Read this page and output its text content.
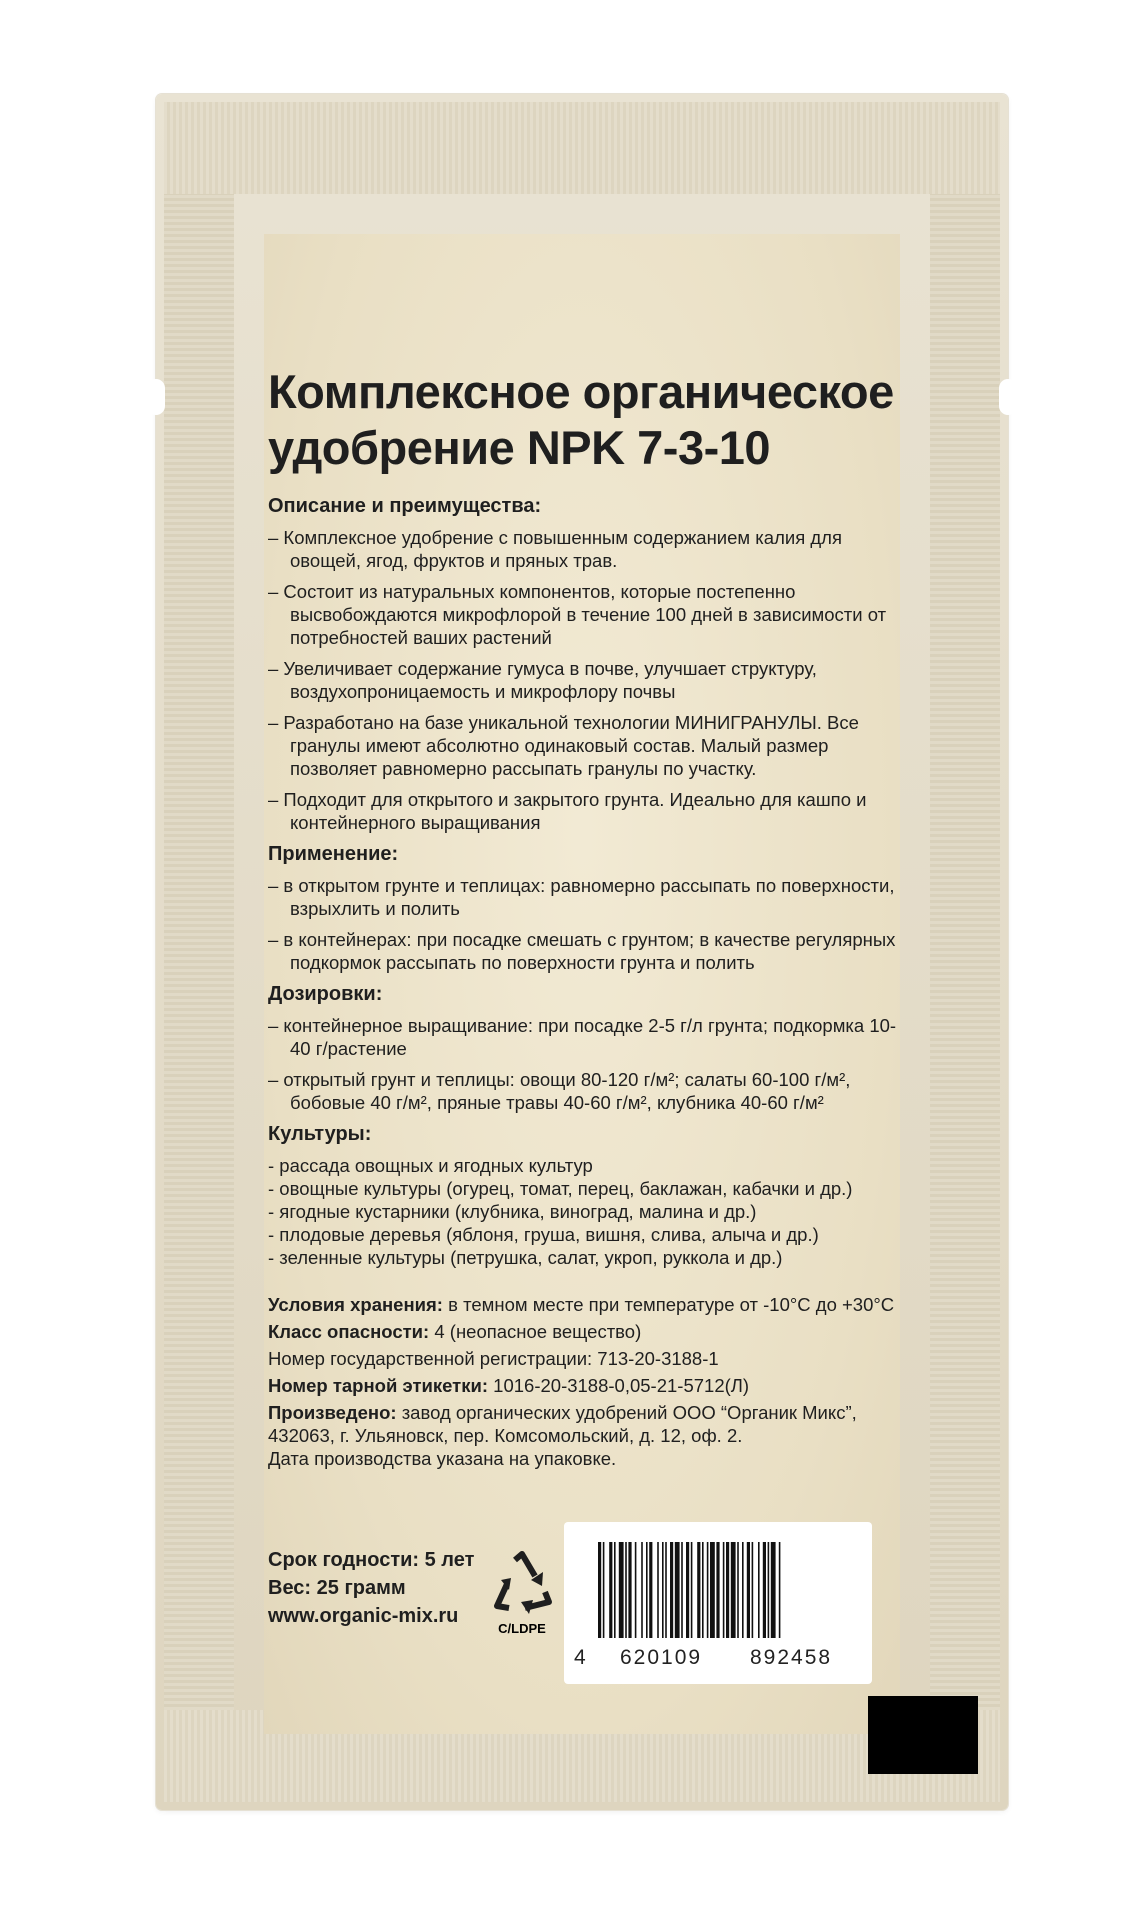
Комплексное органическое
удобрение NPK 7-3-10
Описание и преимущества:
– Комплексное удобрение с повышенным содержанием калия для овощей, ягод, фруктов и пряных трав.
– Состоит из натуральных компонентов, которые постепенно высвобождаются микрофлорой в течение 100 дней в зависимости от потребностей ваших растений
– Увеличивает содержание гумуса в почве, улучшает структуру, воздухопроницаемость и микрофлору почвы
– Разработано на базе уникальной технологии МИНИГРАНУЛЫ. Все гранулы имеют абсолютно одинаковый состав. Малый размер позволяет равномерно рассыпать гранулы по участку.
– Подходит для открытого и закрытого грунта. Идеально для кашпо и контейнерного выращивания
Применение:
– в открытом грунте и теплицах: равномерно рассыпать по поверхности, взрыхлить и полить
– в контейнерах: при посадке смешать с грунтом; в качестве регулярных подкормок рассыпать по поверхности грунта и полить
Дозировки:
– контейнерное выращивание: при посадке 2-5 г/л грунта; подкормка 10-40 г/растение
– открытый грунт и теплицы: овощи 80-120 г/м²; салаты 60-100 г/м², бобовые 40 г/м², пряные травы 40-60 г/м², клубника 40-60 г/м²
Культуры:

- рассада овощных и ягодных культур

- овощные культуры (огурец, томат, перец, баклажан, кабачки и др.)

- ягодные кустарники (клубника, виноград, малина и др.)

- плодовые деревья (яблоня, груша, вишня, слива, алыча и др.)

- зеленные культуры (петрушка, салат, укроп, руккола и др.)

Условия хранения: в темном месте при температуре от -10°С до +30°С

Класс опасности: 4 (неопасное вещество)

Номер государственной регистрации: 713-20-3188-1

Номер тарной этикетки: 1016-20-3188-0,05-21-5712(Л)

Произведено: завод органических удобрений ООО “Органик Микс”, 432063, г. Ульяновск, пер. Комсомольский, д. 12, оф. 2.
Дата производства указана на упаковке.

Срок годности: 5 лет
Вес: 25 грамм
www.organic-mix.ru
C/LDPE
4 620109 892458
